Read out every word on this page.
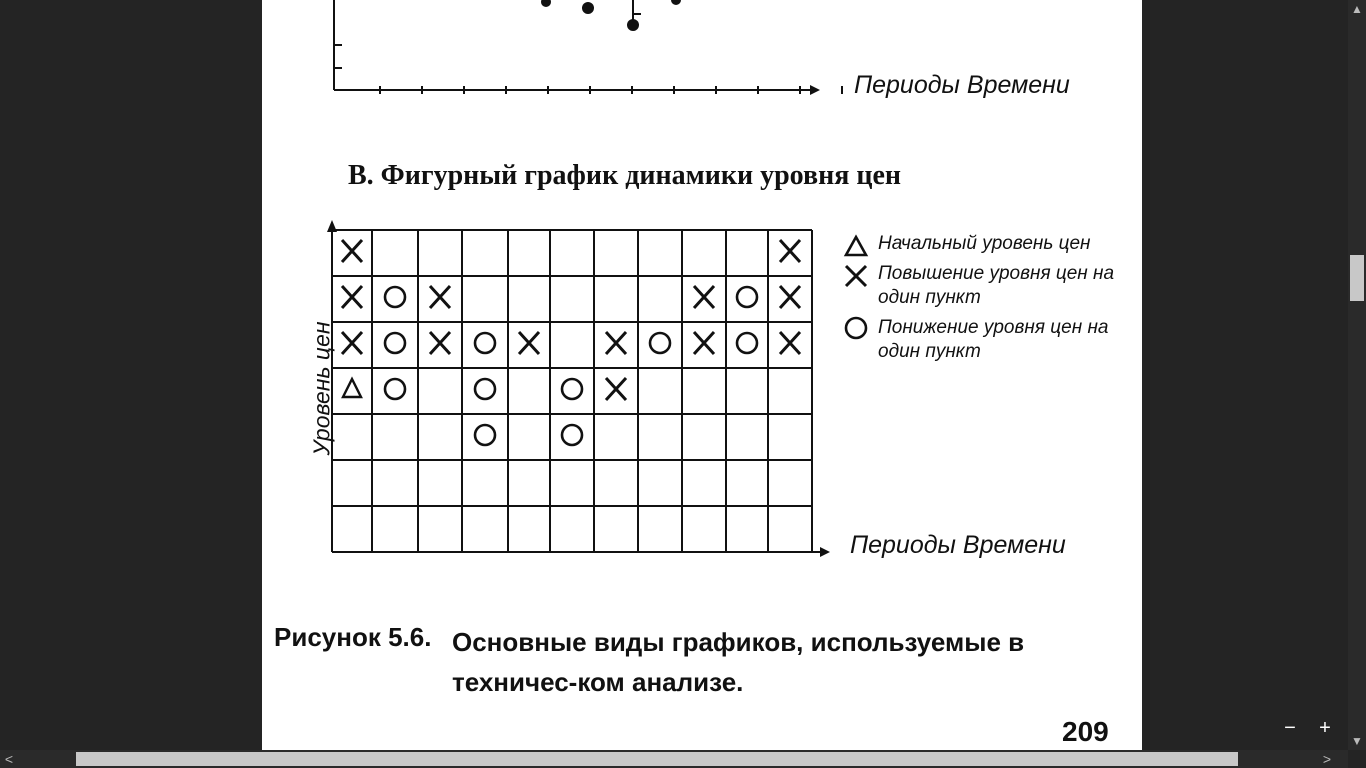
Периоды Времени
В. Фигурный график динамики уровня цен
Уровень цен
Периоды Времени
Начальный уровень цен
Повышение уровня цен на один пункт
Понижение уровня цен на один пункт
Рисунок 5.6. Основные виды графиков, используемые в техничес-ком анализе.
209	−	+
▲
▼
<	>
